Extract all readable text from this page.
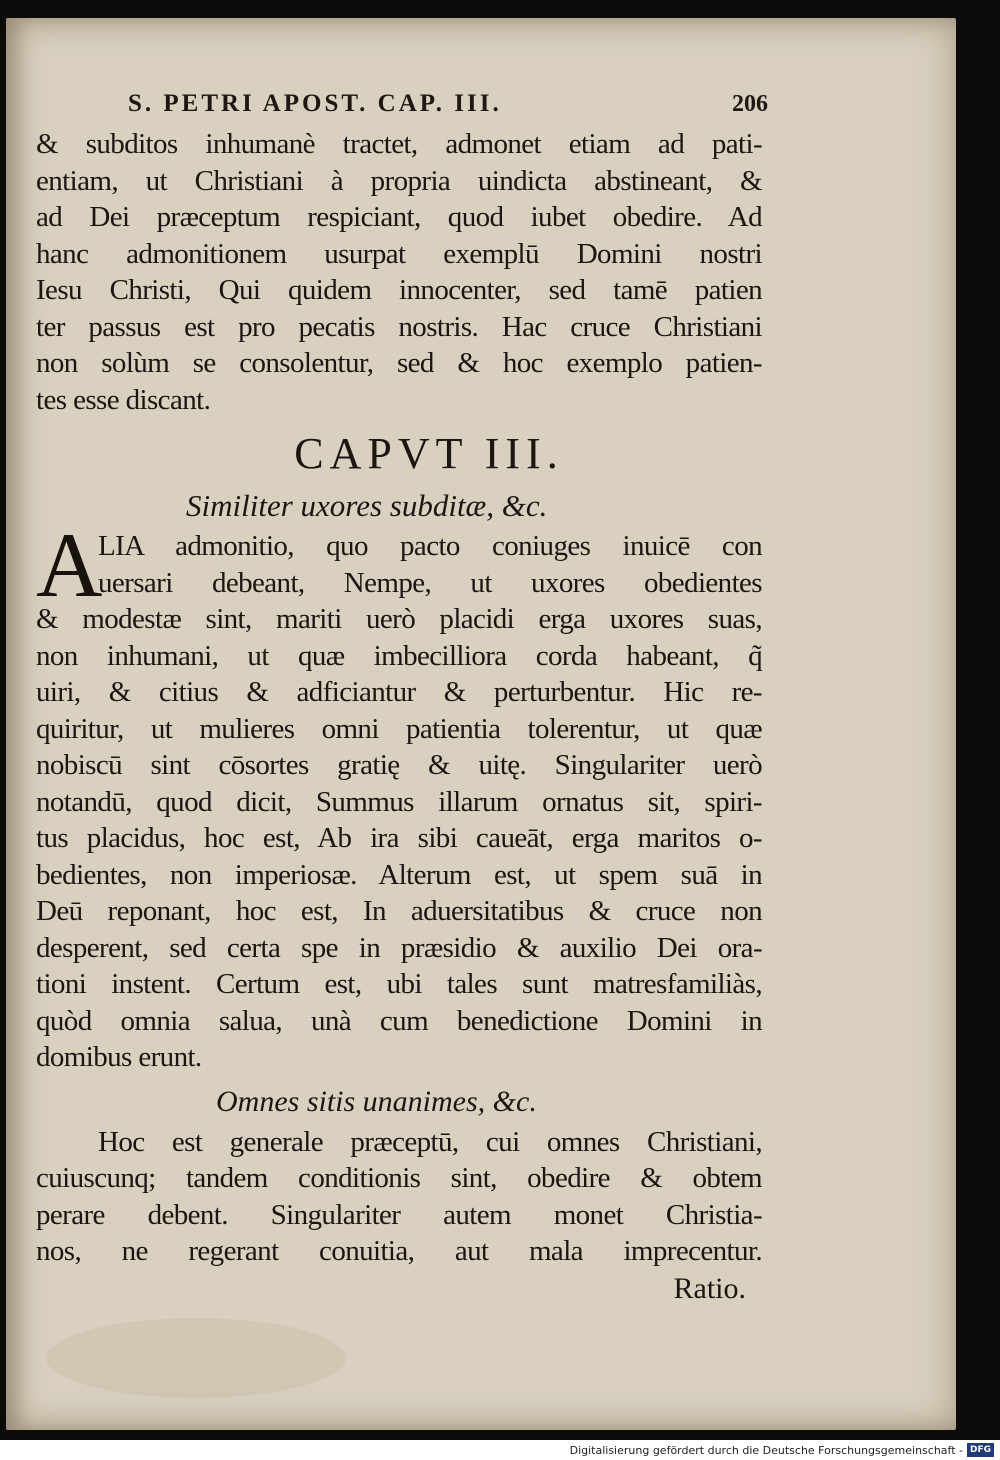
S. PETRI APOST. CAP. III.	206
& subditos inhumanè tractet, admonet etiam ad pati-
entiam, ut Christiani à propria uindicta abstineant, &
ad Dei præceptum respiciant, quod iubet obedire. Ad
hanc admonitionem usurpat exemplū Domini nostri
Iesu Christi, Qui quidem innocenter, sed tamē patien
ter passus est pro pecatis nostris. Hac cruce Christiani
non solùm se consolentur, sed & hoc exemplo patien-
tes esse discant.
CAPVT III.
Similiter uxores subditæ, &c.
A
LIA admonitio, quo pacto coniuges inuicē con
uersari debeant, Nempe, ut uxores obedientes
& modestæ sint, mariti uerò placidi erga uxores suas,
non inhumani, ut quæ imbecilliora corda habeant, q̃
uiri, & citius & adficiantur & perturbentur. Hic re-
quiritur, ut mulieres omni patientia tolerentur, ut quæ
nobiscū sint cōsortes gratię & uitę. Singulariter uerò
notandū, quod dicit, Summus illarum ornatus sit, spiri-
tus placidus, hoc est, Ab ira sibi caueāt, erga maritos o-
bedientes, non imperiosæ. Alterum est, ut spem suā in
Deū reponant, hoc est, In aduersitatibus & cruce non
desperent, sed certa spe in præsidio & auxilio Dei ora-
tioni instent. Certum est, ubi tales sunt matresfamiliàs,
quòd omnia salua, unà cum benedictione Domini in
domibus erunt.
Omnes sitis unanimes, &c.
Hoc est generale præceptū, cui omnes Christiani,
cuiuscunq; tandem conditionis sint, obedire & obtem
perare debent. Singulariter autem monet Christia-
nos, ne regerant conuitia, aut mala imprecentur.
Ratio.
Digitalisierung gefördert durch die Deutsche Forschungsgemeinschaft - DFG
